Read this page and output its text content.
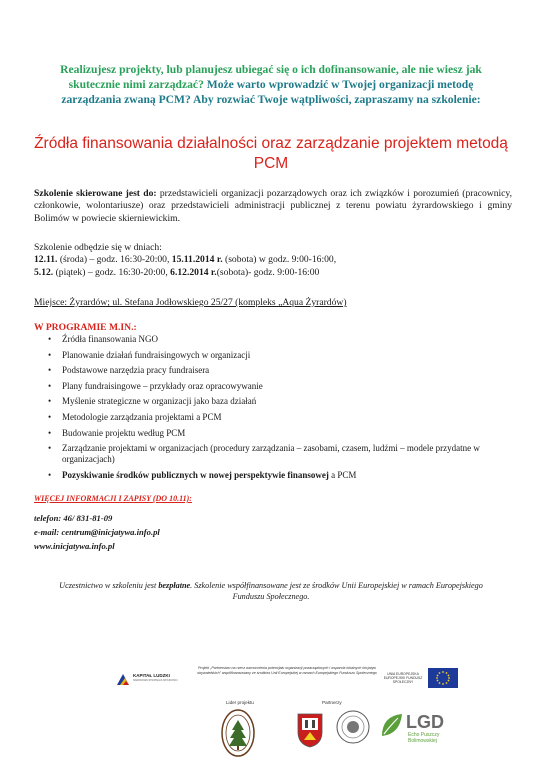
Realizujesz projekty, lub planujesz ubiegać się o ich dofinansowanie, ale nie wiesz jak skutecznie nimi zarządzać? Może warto wprowadzić w Twojej organizacji metodę zarządzania zwaną PCM? Aby rozwiać Twoje wątpliwości, zapraszamy na szkolenie:
Źródła finansowania działalności oraz zarządzanie projektem metodą PCM
Szkolenie skierowane jest do: przedstawicieli organizacji pozarządowych oraz ich związków i porozumień (pracownicy, członkowie, wolontariusze) oraz przedstawicieli administracji publicznej z terenu powiatu żyrardowskiego i gminy Bolimów w powiecie skierniewickim.
Szkolenie odbędzie się w dniach:
12.11. (środa) – godz. 16:30-20:00, 15.11.2014 r. (sobota) w godz. 9:00-16:00,
5.12. (piątek) – godz. 16:30-20:00, 6.12.2014 r.(sobota)- godz. 9:00-16:00
Miejsce: Żyrardów; ul. Stefana Jodłowskiego 25/27 (kompleks „Aqua Żyrardów)
W PROGRAMIE M.IN.:
• Źródła finansowania NGO
• Planowanie działań fundraisingowych w organizacji
• Podstawowe narzędzia pracy fundraisera
• Plany fundraisingowe – przykłady oraz opracowywanie
• Myślenie strategiczne w organizacji jako baza działań
• Metodologie zarządzania projektami a PCM
• Budowanie projektu według PCM
• Zarządzanie projektami w organizacjach (procedury zarządzania – zasobami, czasem, ludźmi – modele przydatne w organizacjach)
• Pozyskiwanie środków publicznych w nowej perspektywie finansowej a PCM
WIĘCEJ INFORMACJI I ZAPISY (DO 10.11):
telefon: 46/ 831-81-09
e-mail: centrum@inicjatywa.info.pl
www.inicjatywa.info.pl
Uczestnictwo w szkoleniu jest bezpłatne. Szkolenie współfinansowane jest ze środków Unii Europejskiej w ramach Europejskiego Funduszu Społecznego.
KAPITAŁ LUDZKI
NARODOWA STRATEGIA SPÓJNOŚCI
Projekt „Partnerstwo na rzecz wzmocnienia potencjału organizacji pozarządowych i wsparcia lokalnych inicjatyw obywatelskich” współfinansowany ze środków Unii Europejskiej w ramach Europejskiego Funduszu Społecznego	UNIA EUROPEJSKA EUROPEJSKI FUNDUSZ SPOŁECZNY
Lider projektu	Partnerzy
LGD
Echo Puszczy Bolimowskiej
